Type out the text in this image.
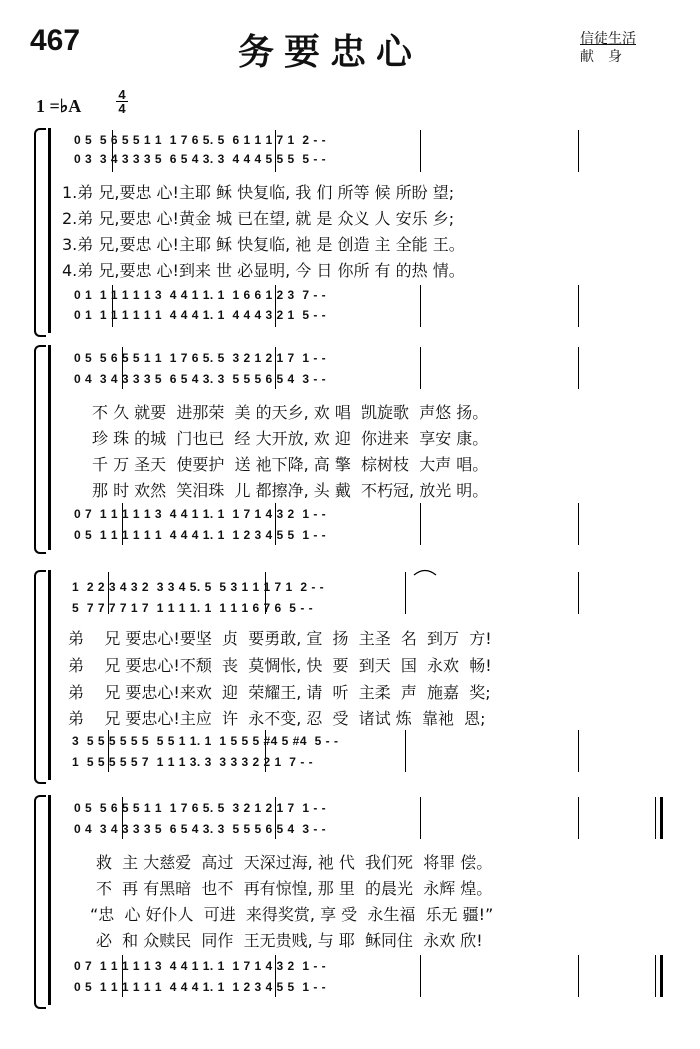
467	务要忠心	信徒生活
献　身
1 =♭A
4
4
0 5  5 6 5 5 1 1  1 7 6 5. 5  6 1 1 1 7 1  2 - -
0 3  3 4 3 3 3 5  6 5 4 3. 3  4 4 4 5 5 5  5 - -
1.弟 兄,要忠 心!主耶 稣 快复临, 我 们 所等 候 所盼 望;
2.弟 兄,要忠 心!黄金 城 已在望, 就 是 众义 人 安乐 乡;
3.弟 兄,要忠 心!主耶 稣 快复临, 祂 是 创造 主 全能 王。
4.弟 兄,要忠 心!到来 世 必显明, 今 日 你所 有 的热 情。
0 1  1 1 1 1 1 3  4 4 1 1. 1  1 6 6 1 2 3  7 - -
0 1  1 1 1 1 1 1  4 4 4 1. 1  4 4 4 3 2 1  5 - -
0 5  5 6 5 5 1 1  1 7 6 5. 5  3 2 1 2 1 7  1 - -
0 4  3 4 3 3 3 5  6 5 4 3. 3  5 5 5 6 5 4  3 - -
不 久 就要  进那荣  美 的天乡, 欢 唱  凯旋歌  声悠 扬。
珍 珠 的城  门也已  经 大开放, 欢 迎  你进来  享安 康。
千 万 圣天  使要护  送 祂下降, 高 擎  棕树枝  大声 唱。
那 时 欢然  笑泪珠  儿 都擦净, 头 戴  不朽冠, 放光 明。
0 7  1 1 1 1 1 3  4 4 1 1. 1  1 7 1 4 3 2  1 - -
0 5  1 1 1 1 1 1  4 4 4 1. 1  1 2 3 4 5 5  1 - -
1  2 2 3 4 3 2  3 3 4 5. 5  5 3 1 1 1 7 1  2 - -
5  7 7 7 7 1 7  1 1 1 1. 1  1 1 1 6 7 6  5 - -
弟    兄 要忠心!要坚  贞  要勇敢, 宣  扬  主圣  名  到万  方!
弟    兄 要忠心!不颓  丧  莫惆怅, 快  要  到天  国  永欢  畅!
弟    兄 要忠心!来欢  迎  荣耀王, 请  听  主柔  声  施嘉  奖;
弟    兄 要忠心!主应  许  永不变, 忍  受  诸试 炼  靠祂  恩;
3  5 5 5 5 5 5  5 5 1 1. 1  1 5 5 5 #4 5 #4  5 - -
1  5 5 5 5 5 7  1 1 1 3. 3  3 3 3 2 2 1  7 - -
0 5  5 6 5 5 1 1  1 7 6 5. 5  3 2 1 2 1 7  1 - -
0 4  3 4 3 3 3 5  6 5 4 3. 3  5 5 5 6 5 4  3 - -
救  主 大慈爱  高过  天深过海, 祂 代  我们死  将罪 偿。
不  再 有黑暗  也不  再有惊惶, 那 里  的晨光  永辉 煌。
“忠  心 好仆人  可进  来得奖赏, 享 受  永生福  乐无 疆!”
必  和 众赎民  同作  王无贵贱, 与 耶  稣同住  永欢 欣!
0 7  1 1 1 1 1 3  4 4 1 1. 1  1 7 1 4 3 2  1 - -
0 5  1 1 1 1 1 1  4 4 4 1. 1  1 2 3 4 5 5  1 - -
